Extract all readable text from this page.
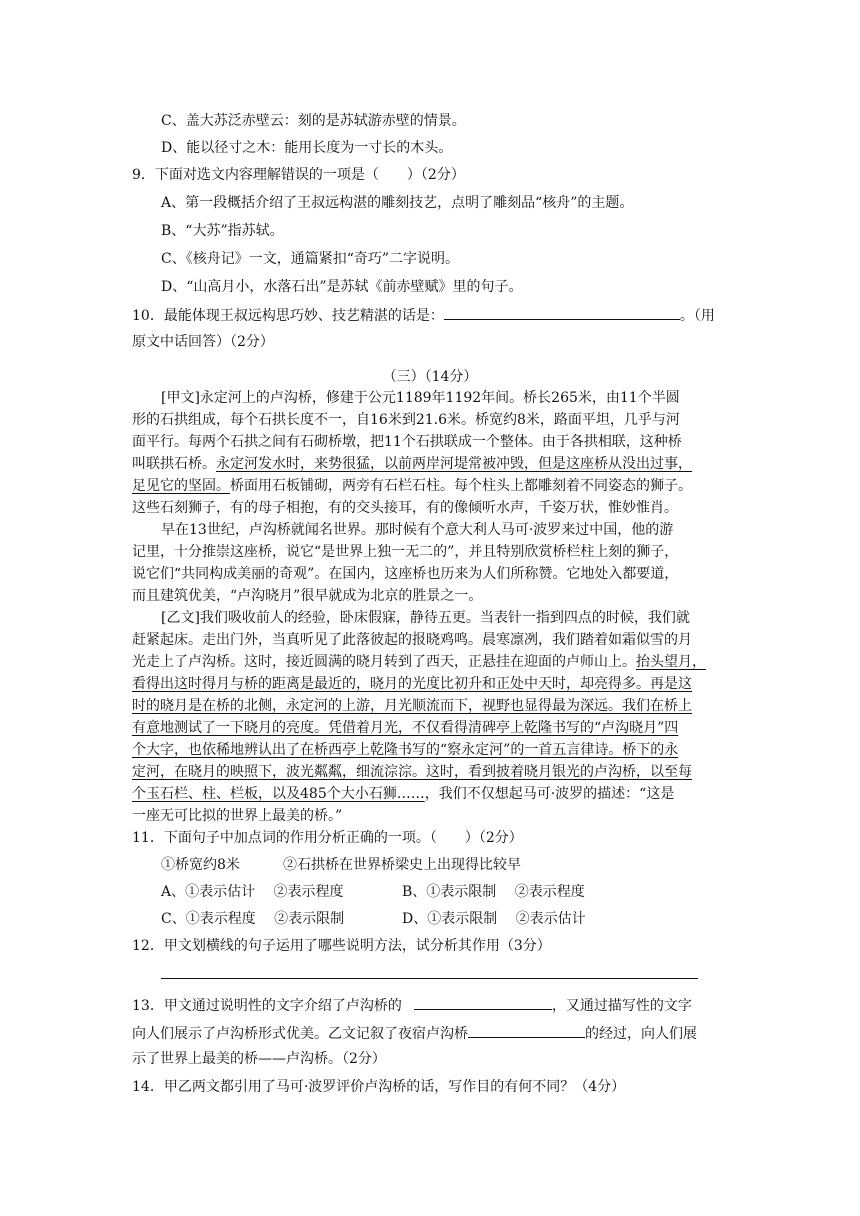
C、盖大苏泛赤壁云：刻的是苏轼游赤壁的情景。
D、能以径寸之木：能用长度为一寸长的木头。
9．下面对选文内容理解错误的一项是（　　）（2分）
A、第一段概括介绍了王叔远构湛的雕刻技艺，点明了雕刻品“核舟”的主题。
B、“大苏”指苏轼。
C、《核舟记》一文，通篇紧扣“奇巧”二字说明。
D、“山高月小，水落石出”是苏轼《前赤壁赋》里的句子。
10．最能体现王叔远构思巧妙、技艺精湛的话是：	。（用
原文中话回答）（2分）
（三）（14分）
[甲文]永定河上的卢沟桥，修建于公元1189年1192年间。桥长265米，由11个半圆
形的石拱组成，每个石拱长度不一，自16米到21.6米。桥宽约8米，路面平坦，几乎与河
面平行。每两个石拱之间有石砌桥墩，把11个石拱联成一个整体。由于各拱相联，这种桥
叫联拱石桥。永定河发水时，来势很猛，以前两岸河堤常被冲毁，但是这座桥从没出过事，
足见它的坚固。桥面用石板铺砌，两旁有石栏石柱。每个柱头上都雕刻着不同姿态的狮子。
这些石刻狮子，有的母子相抱，有的交头接耳，有的像倾听水声，千姿万状，惟妙惟肖。
早在13世纪，卢沟桥就闻名世界。那时候有个意大利人马可·波罗来过中国，他的游
记里，十分推崇这座桥，说它“是世界上独一无二的”，并且特别欣赏桥栏柱上刻的狮子，
说它们“共同构成美丽的奇观”。在国内，这座桥也历来为人们所称赞。它地处入都要道，
而且建筑优美，“卢沟晓月”很早就成为北京的胜景之一。
[乙文]我们吸收前人的经验，卧床假寐，静待五更。当表针一指到四点的时候，我们就
赶紧起床。走出门外，当真听见了此落彼起的报晓鸡鸣。晨寒凛冽，我们踏着如霜似雪的月
光走上了卢沟桥。这时，接近圆满的晓月转到了西天，正悬挂在迎面的卢师山上。抬头望月，
看得出这时得月与桥的距离是最近的，晓月的光度比初升和正处中天时，却亮得多。再是这
时的晓月是在桥的北侧，永定河的上游，月光顺流而下，视野也显得最为深远。我们在桥上
有意地测试了一下晓月的亮度。凭借着月光，不仅看得清碑亭上乾隆书写的“卢沟晓月”四
个大字，也依稀地辨认出了在桥西亭上乾隆书写的“察永定河”的一首五言律诗。桥下的永
定河，在晓月的映照下，波光粼粼，细流淙淙。这时，看到披着晓月银光的卢沟桥，以至每
个玉石栏、柱、栏板，以及485个大小石狮……，我们不仅想起马可·波罗的描述：“这是
一座无可比拟的世界上最美的桥。”
11．下面句子中加点词的作用分析正确的一项。（　　）（2分）
①桥宽约8米	②石拱桥在世界桥梁史上出现得比较早
A、①表示估计　 ②表示程度	B、①表示限制　 ②表示程度
C、①表示程度　 ②表示限制	D、①表示限制　 ②表示估计
12．甲文划横线的句子运用了哪些说明方法，试分析其作用（3分）
13．甲文通过说明性的文字介绍了卢沟桥的	，又通过描写性的文字
向人们展示了卢沟桥形式优美。乙文记叙了夜宿卢沟桥	的经过，向人们展
示了世界上最美的桥——卢沟桥。（2分）
14．甲乙两文都引用了马可·波罗评价卢沟桥的话，写作目的有何不同？（4分）
